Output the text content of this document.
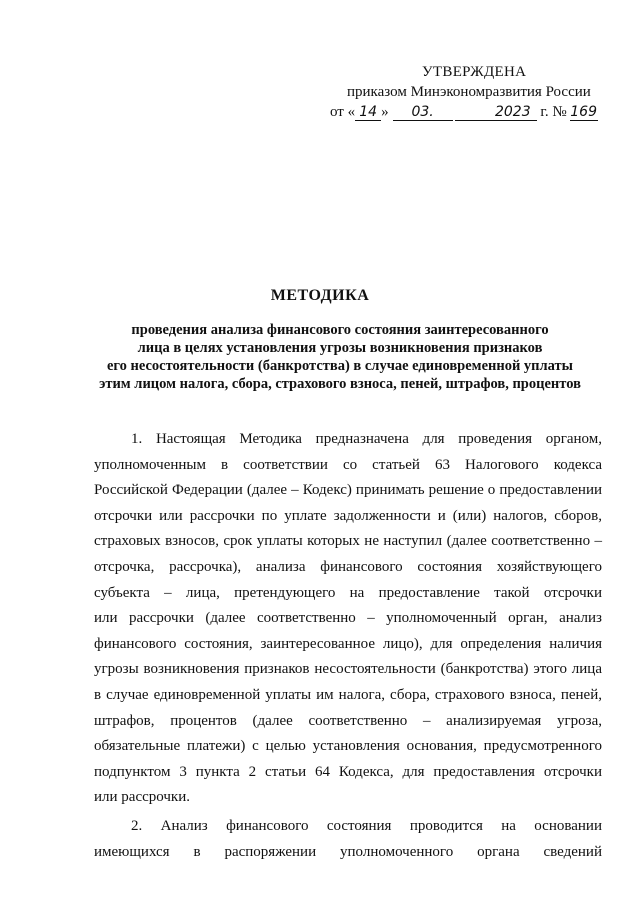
УТВЕРЖДЕНА
приказом Минэкономразвития России
от « 14 » 03.	2023 г. № 169
МЕТОДИКА
проведения анализа финансового состояния заинтересованного
лица в целях установления угрозы возникновения признаков
его несостоятельности (банкротства) в случае единовременной уплаты
этим лицом налога, сбора, страхового взноса, пеней, штрафов, процентов
1. Настоящая Методика предназначена для проведения органом,
уполномоченным в соответствии со статьей 63 Налогового кодекса
Российской Федерации (далее – Кодекс) принимать решение о предоставлении
отсрочки или рассрочки по уплате задолженности и (или) налогов, сборов,
страховых взносов, срок уплаты которых не наступил (далее соответственно –
отсрочка, рассрочка), анализа финансового состояния хозяйствующего
субъекта – лица, претендующего на предоставление такой отсрочки
или рассрочки (далее соответственно – уполномоченный орган, анализ
финансового состояния, заинтересованное лицо), для определения наличия
угрозы возникновения признаков несостоятельности (банкротства) этого лица
в случае единовременной уплаты им налога, сбора, страхового взноса, пеней,
штрафов, процентов (далее соответственно – анализируемая угроза,
обязательные платежи) с целью установления основания, предусмотренного
подпунктом 3 пункта 2 статьи 64 Кодекса, для предоставления отсрочки
или рассрочки.
2. Анализ финансового состояния проводится на основании
имеющихся в распоряжении уполномоченного органа сведений
